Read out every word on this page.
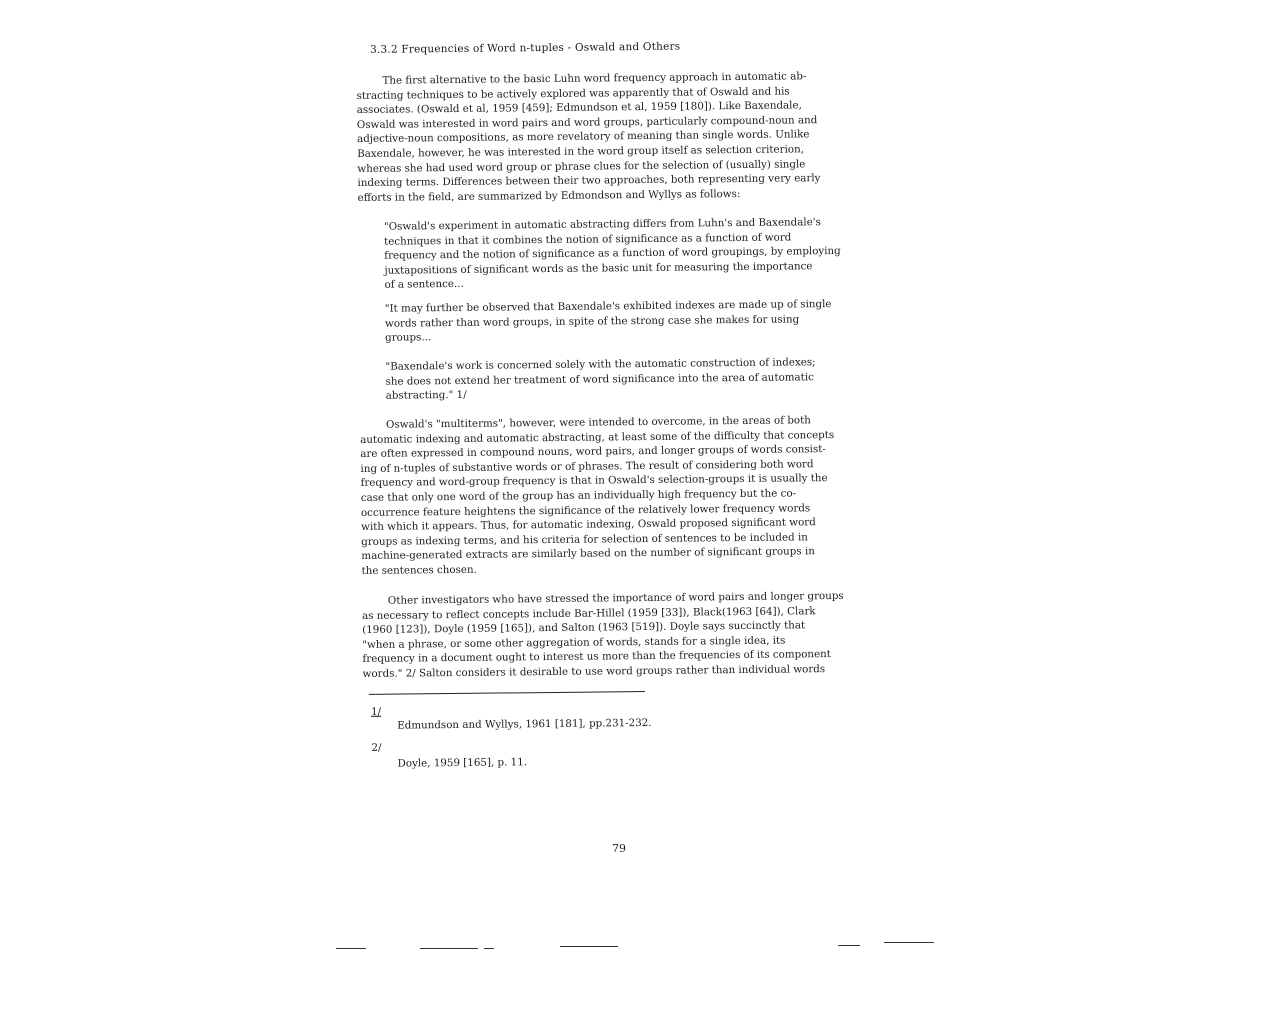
3.3.2 Frequencies of Word n-tuples - Oswald and Others
The first alternative to the basic Luhn word frequency approach in automatic ab-
stracting techniques to be actively explored was apparently that of Oswald and his
associates. (Oswald et al, 1959 [459]; Edmundson et al, 1959 [180]). Like Baxendale,
Oswald was interested in word pairs and word groups, particularly compound-noun and
adjective-noun compositions, as more revelatory of meaning than single words. Unlike
Baxendale, however, he was interested in the word group itself as selection criterion,
whereas she had used word group or phrase clues for the selection of (usually) single
indexing terms. Differences between their two approaches, both representing very early
efforts in the field, are summarized by Edmondson and Wyllys as follows:
"Oswald's experiment in automatic abstracting differs from Luhn's and Baxendale's
techniques in that it combines the notion of significance as a function of word
frequency and the notion of significance as a function of word groupings, by employing
juxtapositions of significant words as the basic unit for measuring the importance
of a sentence...
"It may further be observed that Baxendale's exhibited indexes are made up of single
words rather than word groups, in spite of the strong case she makes for using
groups...
"Baxendale's work is concerned solely with the automatic construction of indexes;
she does not extend her treatment of word significance into the area of automatic
abstracting." 1/
Oswald's "multiterms", however, were intended to overcome, in the areas of both
automatic indexing and automatic abstracting, at least some of the difficulty that concepts
are often expressed in compound nouns, word pairs, and longer groups of words consist-
ing of n-tuples of substantive words or of phrases. The result of considering both word
frequency and word-group frequency is that in Oswald's selection-groups it is usually the
case that only one word of the group has an individually high frequency but the co-
occurrence feature heightens the significance of the relatively lower frequency words
with which it appears. Thus, for automatic indexing, Oswald proposed significant word
groups as indexing terms, and his criteria for selection of sentences to be included in
machine-generated extracts are similarly based on the number of significant groups in
the sentences chosen.
Other investigators who have stressed the importance of word pairs and longer groups
as necessary to reflect concepts include Bar-Hillel (1959 [33]), Black(1963 [64]), Clark
(1960 [123]), Doyle (1959 [165]), and Salton (1963 [519]). Doyle says succinctly that
"when a phrase, or some other aggregation of words, stands for a single idea, its
frequency in a document ought to interest us more than the frequencies of its component
words." 2/ Salton considers it desirable to use word groups rather than individual words
1/
Edmundson and Wyllys, 1961 [181], pp.231-232.
2/
Doyle, 1959 [165], p. 11.
79
